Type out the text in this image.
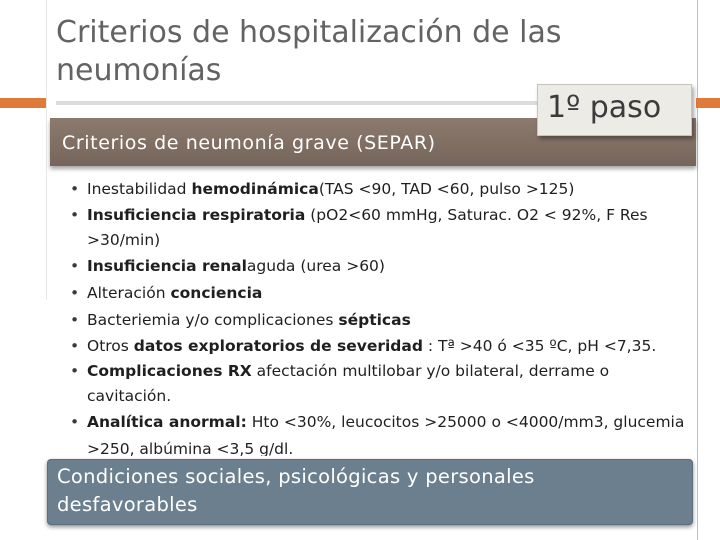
Criterios de hospitalización de las neumonías
Criterios de neumonía grave (SEPAR)
1º paso
• Inestabilidad hemodinámica(TAS <90, TAD <60, pulso >125)
• Insuficiencia respiratoria (pO2<60 mmHg, Saturac. O2 < 92%, F Res >30/min)
• Insuficiencia renalaguda (urea >60)
• Alteración conciencia
• Bacteriemia y/o complicaciones sépticas
• Otros datos exploratorios de severidad : Tª >40 ó <35 ºC, pH <7,35.
• Complicaciones RX afectación multilobar y/o bilateral, derrame o cavitación.
• Analítica anormal: Hto <30%, leucocitos >25000 o <4000/mm3, glucemia >250, albúmina <3,5 g/dl.
Condiciones sociales, psicológicas y personales desfavorables
